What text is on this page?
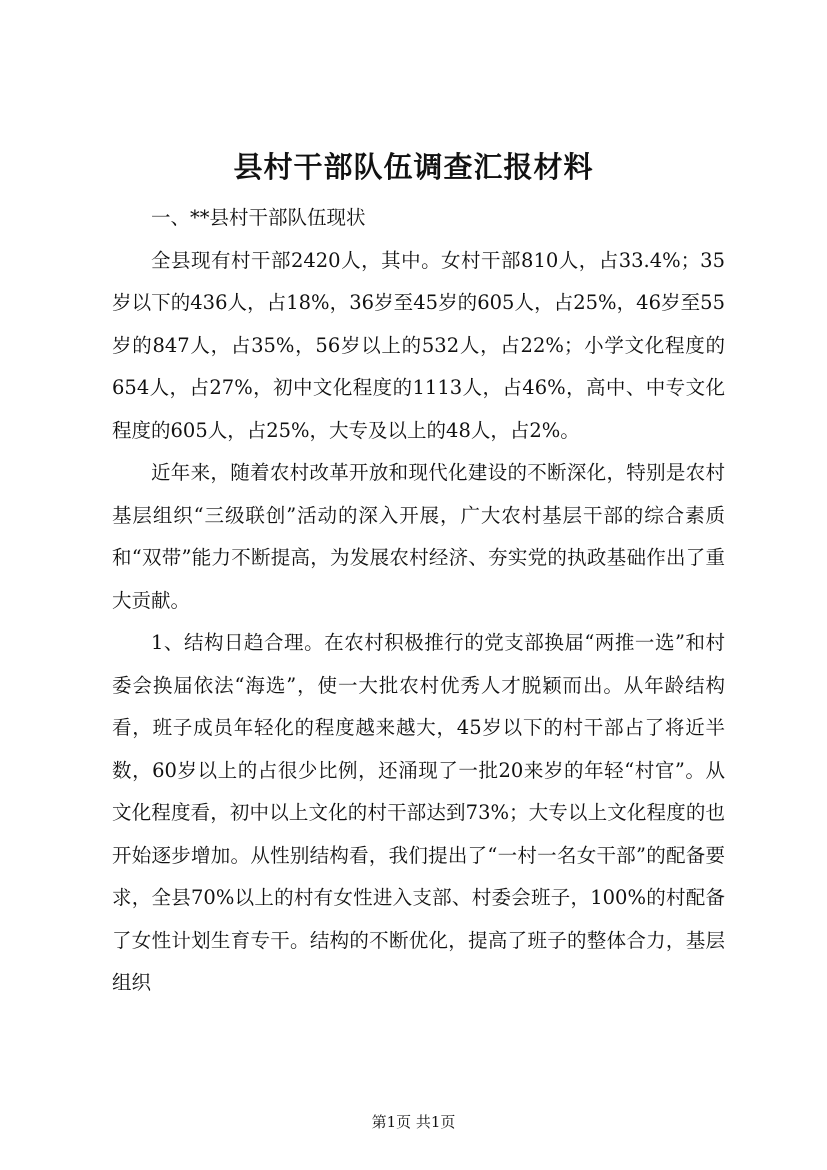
县村干部队伍调查汇报材料

一、**县村干部队伍现状

全县现有村干部2420人，其中。女村干部810人，占33.4%；35岁以下的436人，占18%，36岁至45岁的605人，占25%，46岁至55岁的847人，占35%，56岁以上的532人，占22%；小学文化程度的654人，占27%，初中文化程度的1113人，占46%，高中、中专文化程度的605人，占25%，大专及以上的48人，占2%。

近年来，随着农村改革开放和现代化建设的不断深化，特别是农村基层组织“三级联创”活动的深入开展，广大农村基层干部的综合素质和“双带”能力不断提高，为发展农村经济、夯实党的执政基础作出了重大贡献。

1、结构日趋合理。在农村积极推行的党支部换届“两推一选”和村委会换届依法“海选”，使一大批农村优秀人才脱颖而出。从年龄结构看，班子成员年轻化的程度越来越大，45岁以下的村干部占了将近半数，60岁以上的占很少比例，还涌现了一批20来岁的年轻“村官”。从文化程度看，初中以上文化的村干部达到73%；大专以上文化程度的也开始逐步增加。从性别结构看，我们提出了“一村一名女干部”的配备要求，全县70%以上的村有女性进入支部、村委会班子，100%的村配备了女性计划生育专干。结构的不断优化，提高了班子的整体合力，基层组织

第1页 共1页
